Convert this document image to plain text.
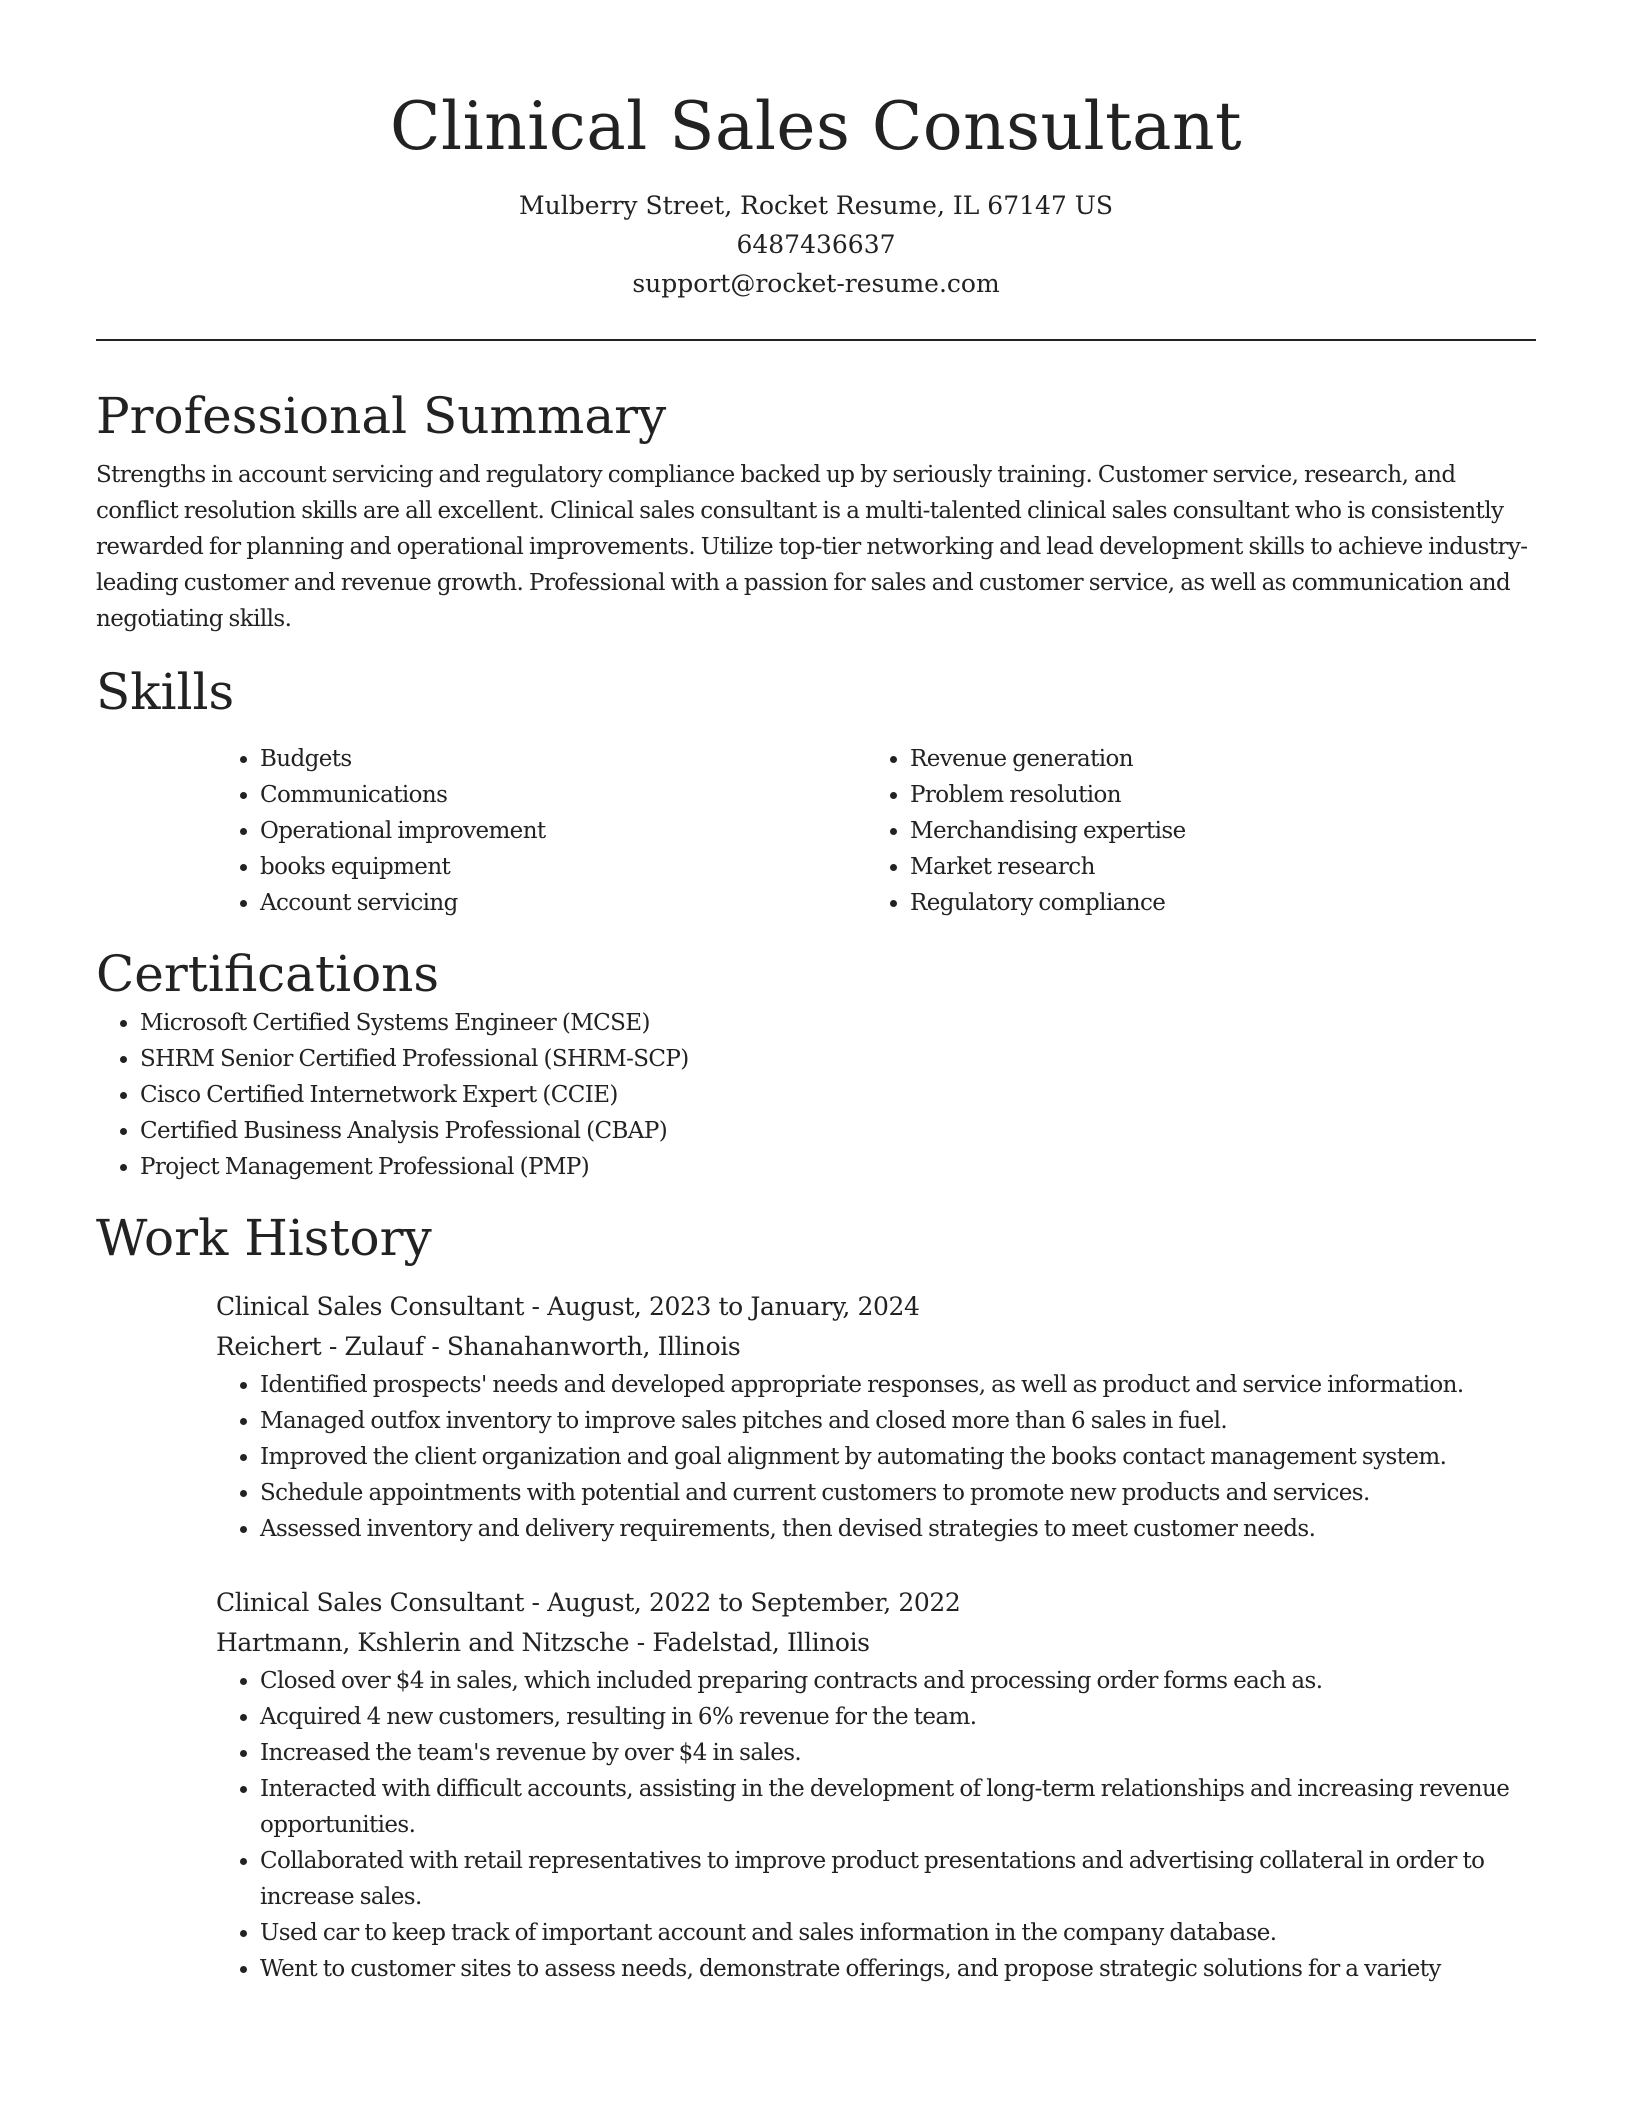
Clinical Sales Consultant
Mulberry Street, Rocket Resume, IL 67147 US
6487436637
support@rocket-resume.com
Professional Summary

Strengths in account servicing and regulatory compliance backed up by seriously training. Customer service, research, and conflict resolution skills are all excellent. Clinical sales consultant is a multi-talented clinical sales consultant who is consistently rewarded for planning and operational improvements. Utilize top-tier networking and lead development skills to achieve industry-leading customer and revenue growth. Professional with a passion for sales and customer service, as well as communication and negotiating skills.

Skills
• Budgets
• Communications
• Operational improvement
• books equipment
• Account servicing
• Revenue generation
• Problem resolution
• Merchandising expertise
• Market research
• Regulatory compliance
Certifications
• Microsoft Certified Systems Engineer (MCSE)
• SHRM Senior Certified Professional (SHRM-SCP)
• Cisco Certified Internetwork Expert (CCIE)
• Certified Business Analysis Professional (CBAP)
• Project Management Professional (PMP)
Work History
Clinical Sales Consultant - August, 2023 to January, 2024
Reichert - Zulauf - Shanahanworth, Illinois
• Identified prospects' needs and developed appropriate responses, as well as product and service information.
• Managed outfox inventory to improve sales pitches and closed more than 6 sales in fuel.
• Improved the client organization and goal alignment by automating the books contact management system.
• Schedule appointments with potential and current customers to promote new products and services.
• Assessed inventory and delivery requirements, then devised strategies to meet customer needs.
Clinical Sales Consultant - August, 2022 to September, 2022
Hartmann, Kshlerin and Nitzsche - Fadelstad, Illinois
• Closed over $4 in sales, which included preparing contracts and processing order forms each as.
• Acquired 4 new customers, resulting in 6% revenue for the team.
• Increased the team's revenue by over $4 in sales.
• Interacted with difficult accounts, assisting in the development of long-term relationships and increasing revenue opportunities.
• Collaborated with retail representatives to improve product presentations and advertising collateral in order to increase sales.
• Used car to keep track of important account and sales information in the company database.
• Went to customer sites to assess needs, demonstrate offerings, and propose strategic solutions for a variety
